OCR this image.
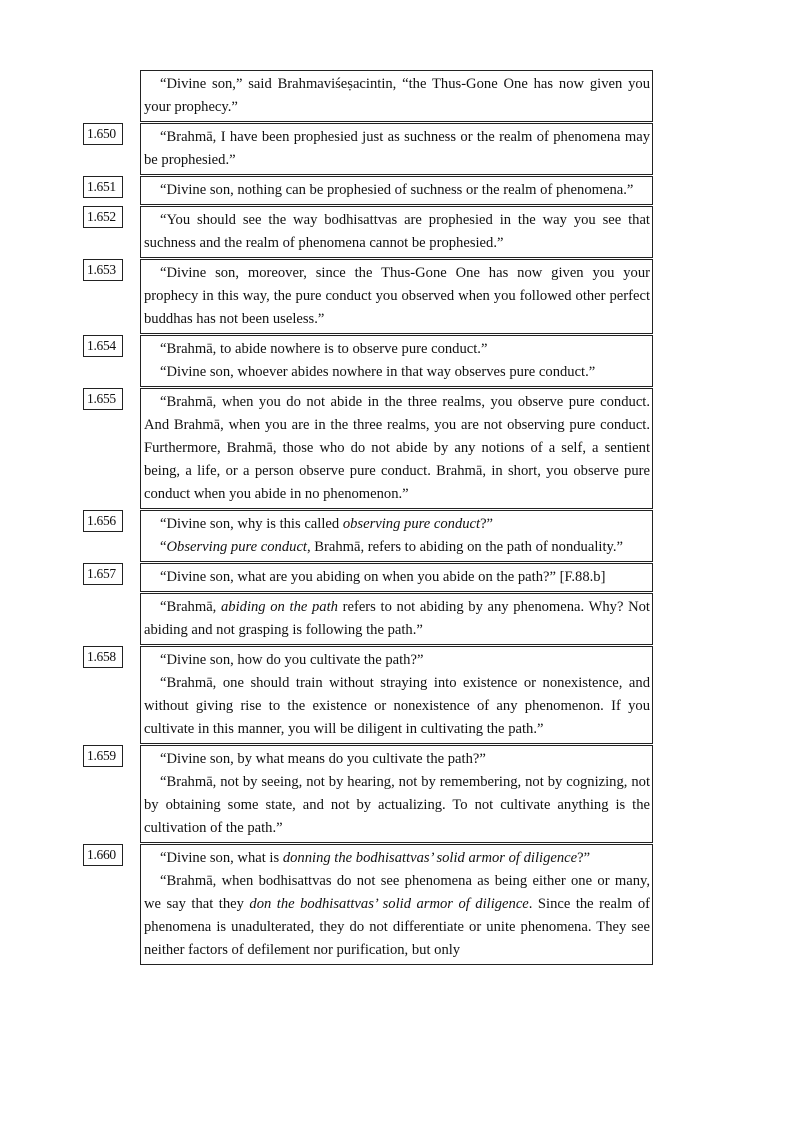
“Divine son,” said Brahmaviśeṣacintin, “the Thus-Gone One has now given you your prophecy.”

1.650	“Brahmā, I have been prophesied just as suchness or the realm of phenomena may be prophesied.”

1.651	“Divine son, nothing can be prophesied of suchness or the realm of phenomena.”

1.652	“You should see the way bodhisattvas are prophesied in the way you see that suchness and the realm of phenomena cannot be prophesied.”

1.653	“Divine son, moreover, since the Thus-Gone One has now given you your prophecy in this way, the pure conduct you observed when you followed other perfect buddhas has not been useless.”

1.654	“Brahmā, to abide nowhere is to observe pure conduct.”

“Divine son, whoever abides nowhere in that way observes pure conduct.”

1.655	“Brahmā, when you do not abide in the three realms, you observe pure conduct. And Brahmā, when you are in the three realms, you are not observing pure conduct. Furthermore, Brahmā, those who do not abide by any notions of a self, a sentient being, a life, or a person observe pure conduct. Brahmā, in short, you observe pure conduct when you abide in no phenomenon.”

1.656	“Divine son, why is this called observing pure conduct?”

“Observing pure conduct, Brahmā, refers to abiding on the path of nonduality.”

1.657	“Divine son, what are you abiding on when you abide on the path?” [F.88.b]

“Brahmā, abiding on the path refers to not abiding by any phenomena. Why? Not abiding and not grasping is following the path.”

1.658	“Divine son, how do you cultivate the path?”

“Brahmā, one should train without straying into existence or nonexistence, and without giving rise to the existence or nonexistence of any phenomenon. If you cultivate in this manner, you will be diligent in cultivating the path.”

1.659	“Divine son, by what means do you cultivate the path?”

“Brahmā, not by seeing, not by hearing, not by remembering, not by cognizing, not by obtaining some state, and not by actualizing. To not cultivate anything is the cultivation of the path.”

1.660	“Divine son, what is donning the bodhisattvas’ solid armor of diligence?”

“Brahmā, when bodhisattvas do not see phenomena as being either one or many, we say that they don the bodhisattvas’ solid armor of diligence. Since the realm of phenomena is unadulterated, they do not differentiate or unite phenomena. They see neither factors of defilement nor purification, but only
